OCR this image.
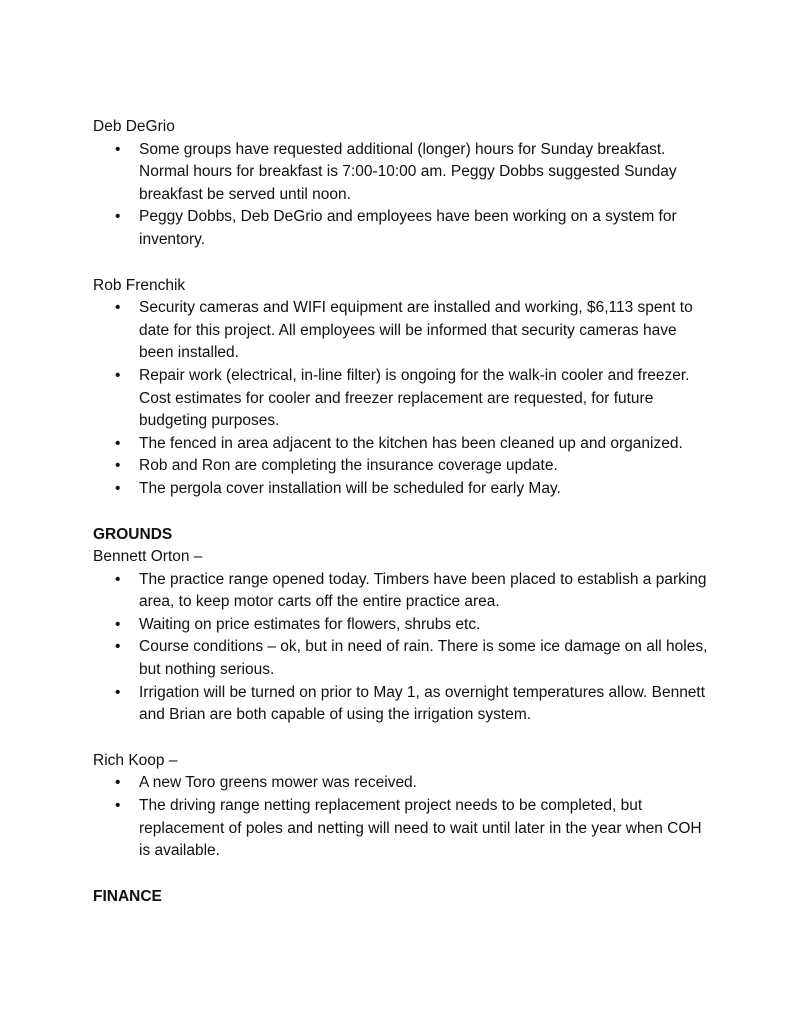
Deb DeGrio

• Some groups have requested additional (longer) hours for Sunday breakfast. Normal hours for breakfast is 7:00-10:00 am. Peggy Dobbs suggested Sunday breakfast be served until noon.
• Peggy Dobbs, Deb DeGrio and employees have been working on a system for inventory.

Rob Frenchik

• Security cameras and WIFI equipment are installed and working, $6,113 spent to date for this project. All employees will be informed that security cameras have been installed.
• Repair work (electrical, in-line filter) is ongoing for the walk-in cooler and freezer. Cost estimates for cooler and freezer replacement are requested, for future budgeting purposes.
• The fenced in area adjacent to the kitchen has been cleaned up and organized.
• Rob and Ron are completing the insurance coverage update.
• The pergola cover installation will be scheduled for early May.

GROUNDS

Bennett Orton –

• The practice range opened today. Timbers have been placed to establish a parking area, to keep motor carts off the entire practice area.
• Waiting on price estimates for flowers, shrubs etc.
• Course conditions – ok, but in need of rain. There is some ice damage on all holes, but nothing serious.
• Irrigation will be turned on prior to May 1, as overnight temperatures allow. Bennett and Brian are both capable of using the irrigation system.

Rich Koop –

• A new Toro greens mower was received.
• The driving range netting replacement project needs to be completed, but replacement of poles and netting will need to wait until later in the year when COH is available.

FINANCE
